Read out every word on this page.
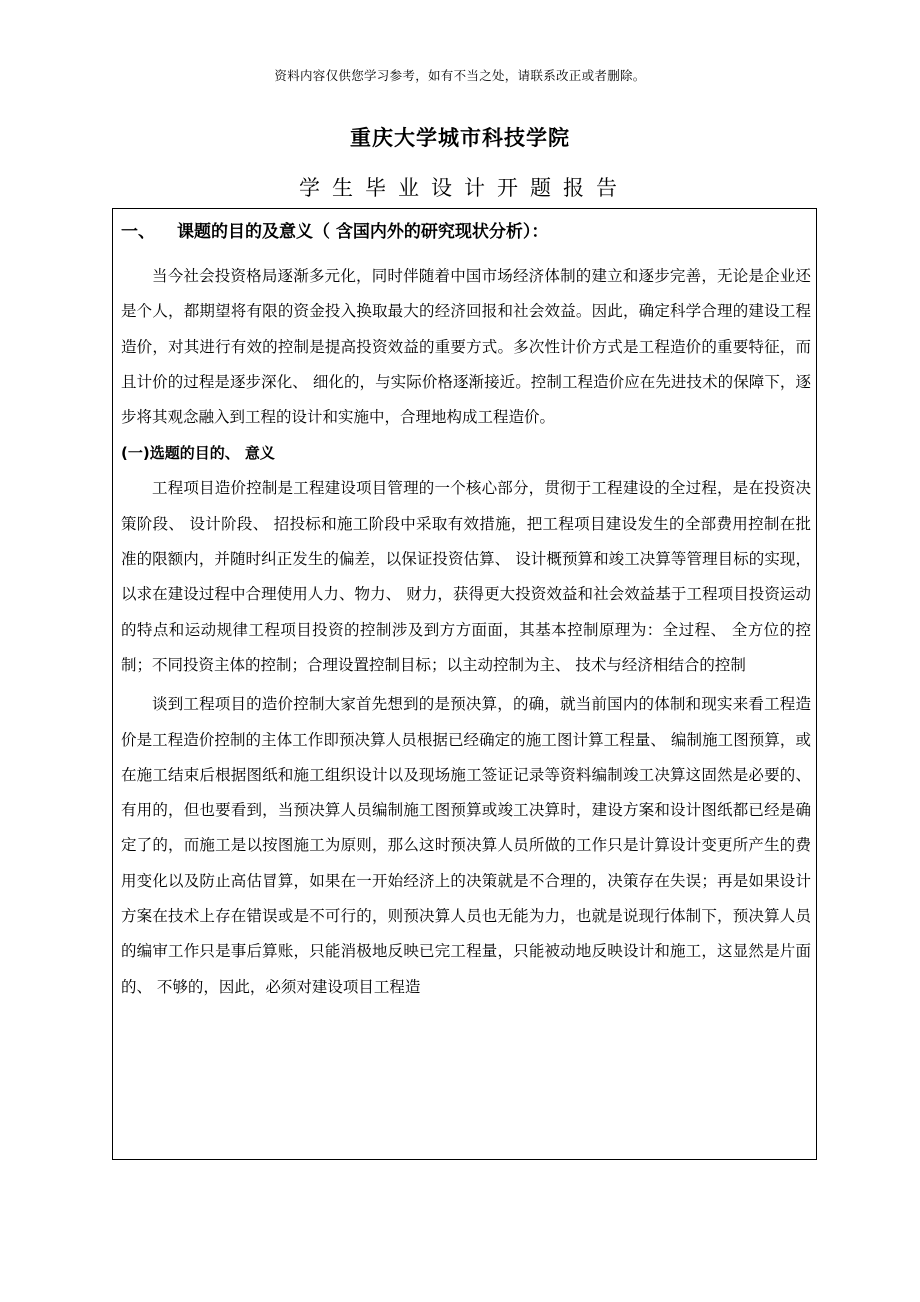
资料内容仅供您学习参考，如有不当之处，请联系改正或者删除。
重庆大学城市科技学院
学生毕业设计开题报告
一、 课题的目的及意义（ 含国内外的研究现状分析）：

当今社会投资格局逐渐多元化，同时伴随着中国市场经济体制的建立和逐步完善，无论是企业还是个人，都期望将有限的资金投入换取最大的经济回报和社会效益。因此，确定科学合理的建设工程造价，对其进行有效的控制是提高投资效益的重要方式。多次性计价方式是工程造价的重要特征，而且计价的过程是逐步深化、 细化的，与实际价格逐渐接近。控制工程造价应在先进技术的保障下，逐步将其观念融入到工程的设计和实施中，合理地构成工程造价。

(一)选题的目的、 意义

工程项目造价控制是工程建设项目管理的一个核心部分，贯彻于工程建设的全过程，是在投资决策阶段、 设计阶段、 招投标和施工阶段中采取有效措施，把工程项目建设发生的全部费用控制在批准的限额内，并随时纠正发生的偏差，以保证投资估算、 设计概预算和竣工决算等管理目标的实现，以求在建设过程中合理使用人力、物力、 财力，获得更大投资效益和社会效益基于工程项目投资运动的特点和运动规律工程项目投资的控制涉及到方方面面，其基本控制原理为：全过程、 全方位的控制；不同投资主体的控制；合理设置控制目标；以主动控制为主、 技术与经济相结合的控制

谈到工程项目的造价控制大家首先想到的是预决算，的确，就当前国内的体制和现实来看工程造价是工程造价控制的主体工作即预决算人员根据已经确定的施工图计算工程量、 编制施工图预算，或在施工结束后根据图纸和施工组织设计以及现场施工签证记录等资料编制竣工决算这固然是必要的、 有用的，但也要看到，当预决算人员编制施工图预算或竣工决算时，建设方案和设计图纸都已经是确定了的，而施工是以按图施工为原则，那么这时预决算人员所做的工作只是计算设计变更所产生的费用变化以及防止高估冒算，如果在一开始经济上的决策就是不合理的，决策存在失误；再是如果设计方案在技术上存在错误或是不可行的，则预决算人员也无能为力，也就是说现行体制下，预决算人员的编审工作只是事后算账，只能消极地反映已完工程量，只能被动地反映设计和施工，这显然是片面的、 不够的，因此，必须对建设项目工程造
